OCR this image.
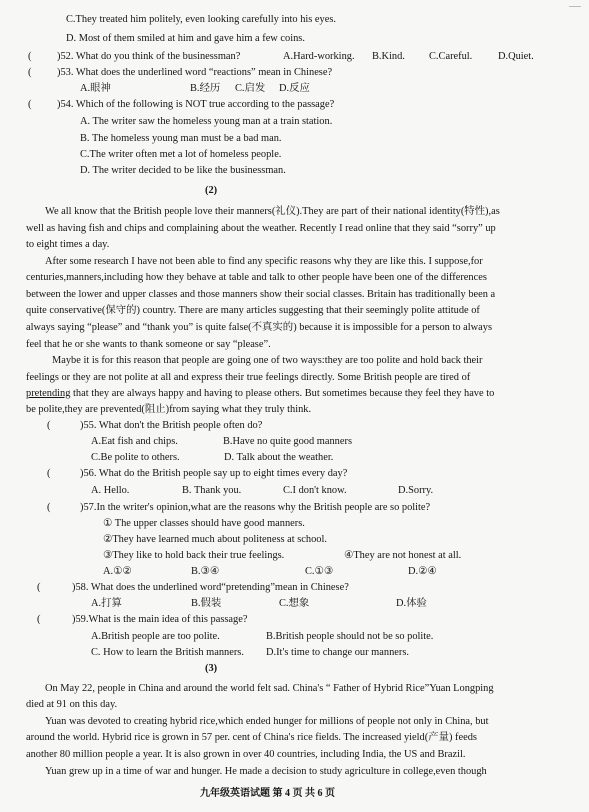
C.They treated him politely, even looking carefully into his eyes.
D. Most of them smiled at him and gave him a few coins.
( )52. What do you think of the businessman?	A.Hard-working. B.Kind. C.Careful. D.Quiet.
( )53. What does the underlined word “reactions” mean in Chinese?
A.眼神	B.经历 C.启发 D.反应
( )54. Which of the following is NOT true according to the passage?
A. The writer saw the homeless young man at a train station.
B. The homeless young man must be a bad man.
C.The writer often met a lot of homeless people.
D. The writer decided to be like the businessman.
(2)
We all know that the British people love their manners(礼仪).They are part of their national identity(特性),as
well as having fish and chips and complaining about the weather. Recently I read online that they said “sorry” up
to eight times a day.
After some research I have not been able to find any specific reasons why they are like this. I suppose,for
centuries,manners,including how they behave at table and talk to other people have been one of the differences
between the lower and upper classes and those manners show their social classes. Britain has traditionally been a
quite conservative(保守的) country. There are many articles suggesting that their seemingly polite attitude of
always saying “please” and “thank you” is quite false(不真实的) because it is impossible for a person to always
feel that he or she wants to thank someone or say “please”.
Maybe it is for this reason that people are going one of two ways:they are too polite and hold back their
feelings or they are not polite at all and express their true feelings directly. Some British people are tired of
pretending that they are always happy and having to please others. But sometimes because they feel they have to
be polite,they are prevented(阻止)from saying what they truly think.
(	)55. What don't the British people often do?
A.Eat fish and chips.	B.Have no quite good manners
C.Be polite to others.	D. Talk about the weather.
(	)56. What do the British people say up to eight times every day?
A. Hello.	B. Thank you.	C.I don't know.	D.Sorry.
(	)57.In the writer's opinion,what are the reasons why the British people are so polite?
① The upper classes should have good manners.
②They have learned much about politeness at school.
③They like to hold back their true feelings.	④They are not honest at all.
A.①②	B.③④	C.①③	D.②④
(	)58. What does the underlined word“pretending”mean in Chinese?
A.打算	B.假装	C.想象	D.体验
(	)59.What is the main idea of this passage?
A.British people are too polite.	B.British people should not be so polite.
C. How to learn the British manners. D.It's time to change our manners.
(3)
On May 22, people in China and around the world felt sad. China's “ Father of Hybrid Rice”Yuan Longping
died at 91 on this day.
Yuan was devoted to creating hybrid rice,which ended hunger for millions of people not only in China, but
around the world. Hybrid rice is grown in 57 per. cent of China's rice fields. The increased yield(产量) feeds
another 80 million people a year. It is also grown in over 40 countries, including India, the US and Brazil.
Yuan grew up in a time of war and hunger. He made a decision to study agriculture in college,even though
九年级英语试题 第 4 页 共 6 页
